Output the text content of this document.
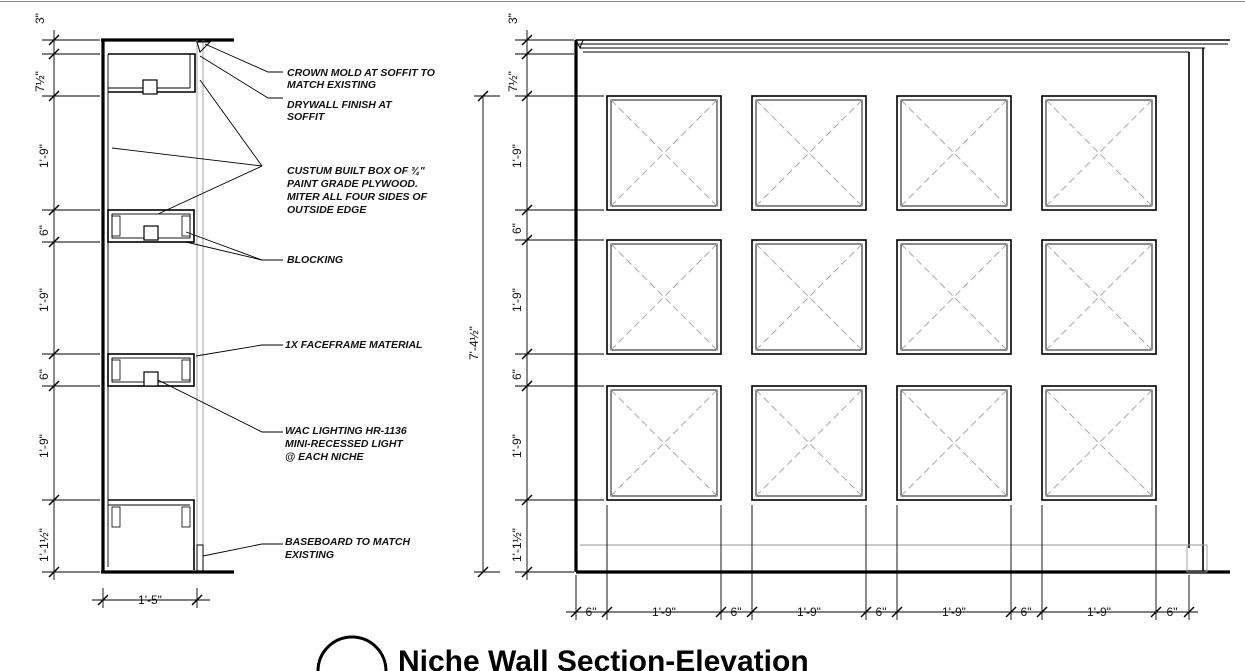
CROWN MOLD AT SOFFIT TO
MATCH EXISTING
DRYWALL FINISH AT
SOFFIT
CUSTUM BUILT BOX OF ¾"
PAINT GRADE PLYWOOD.
MITER ALL FOUR SIDES OF
OUTSIDE EDGE
BLOCKING
1X FACEFRAME MATERIAL
WAC LIGHTING HR-1136
MINI-RECESSED LIGHT
@ EACH NICHE
BASEBOARD TO MATCH
EXISTING
3"
7½"
1'-9"
6"
1'-9"
6"
1'-9"
1'-1½"
1'-5"
3"
7½"
1'-9"
6"
1'-9"
6"
1'-9"
1'-1½"
7'-4½"
6"	1'-9"	6"	1'-9"	6"	1'-9"	6"	1'-9"	6"
Niche Wall Section-Elevation
